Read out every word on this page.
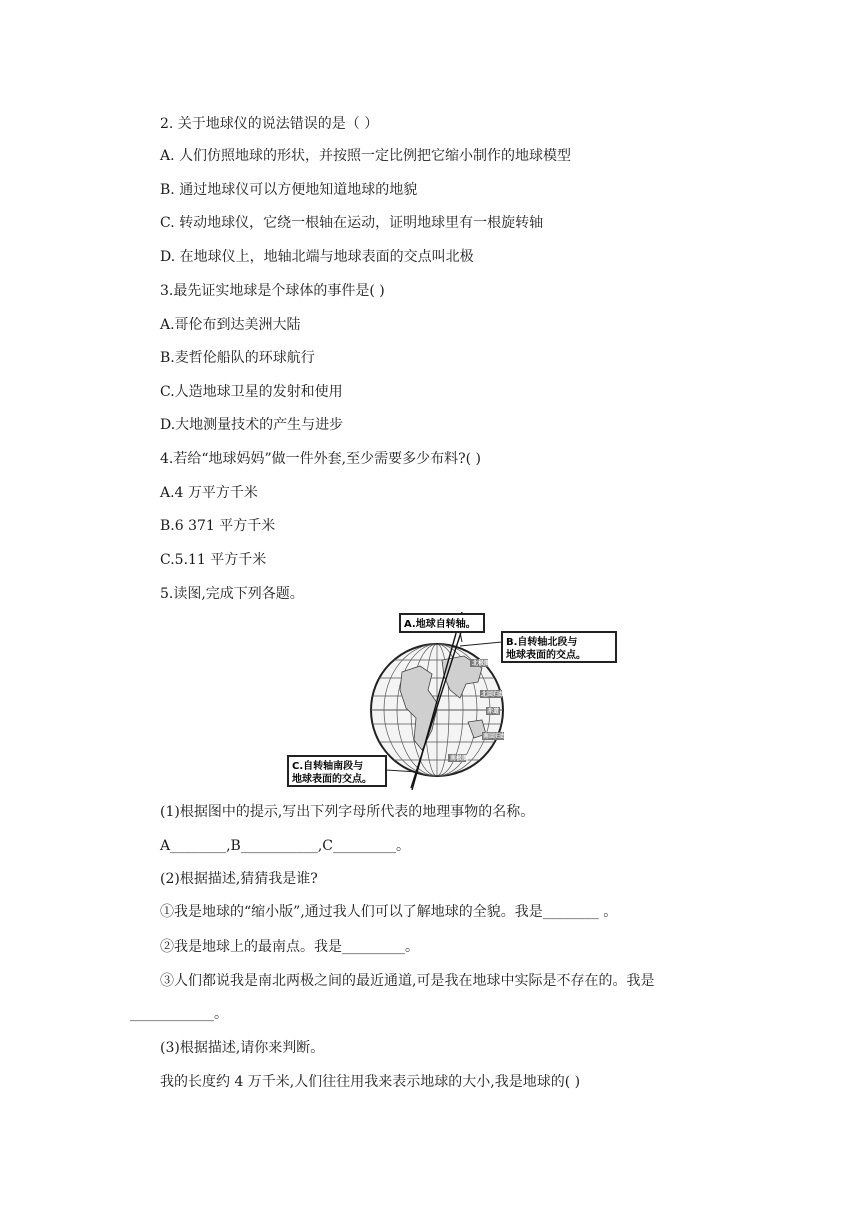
2. 关于地球仪的说法错误的是（ ）
A. 人们仿照地球的形状，并按照一定比例把它缩小制作的地球模型
B. 通过地球仪可以方便地知道地球的地貌
C. 转动地球仪，它绕一根轴在运动，证明地球里有一根旋转轴
D. 在地球仪上，地轴北端与地球表面的交点叫北极
3.最先证实地球是个球体的事件是( )
A.哥伦布到达美洲大陆
B.麦哲伦船队的环球航行
C.人造地球卫星的发射和使用
D.大地测量技术的产生与进步
4.若给“地球妈妈”做一件外套,至少需要多少布料?( )
A.4 万平方千米
B.6 371 平方千米
C.5.11 平方千米
5.读图,完成下列各题。
北极圈
北回归线
赤道
南回归线
南极圈
A.地球自转轴。
B.自转轴北段与
地球表面的交点。
C.自转轴南段与
地球表面的交点。
(1)根据图中的提示,写出下列字母所代表的地理事物的名称。
A________,B___________,C_________。
(2)根据描述,猜猜我是谁?
①我是地球的“缩小版”,通过我人们可以了解地球的全貌。我是________ 。
②我是地球上的最南点。我是_________。
③人们都说我是南北两极之间的最近通道,可是我在地球中实际是不存在的。我是
____________。
(3)根据描述,请你来判断。
我的长度约 4 万千米,人们往往用我来表示地球的大小,我是地球的( )
